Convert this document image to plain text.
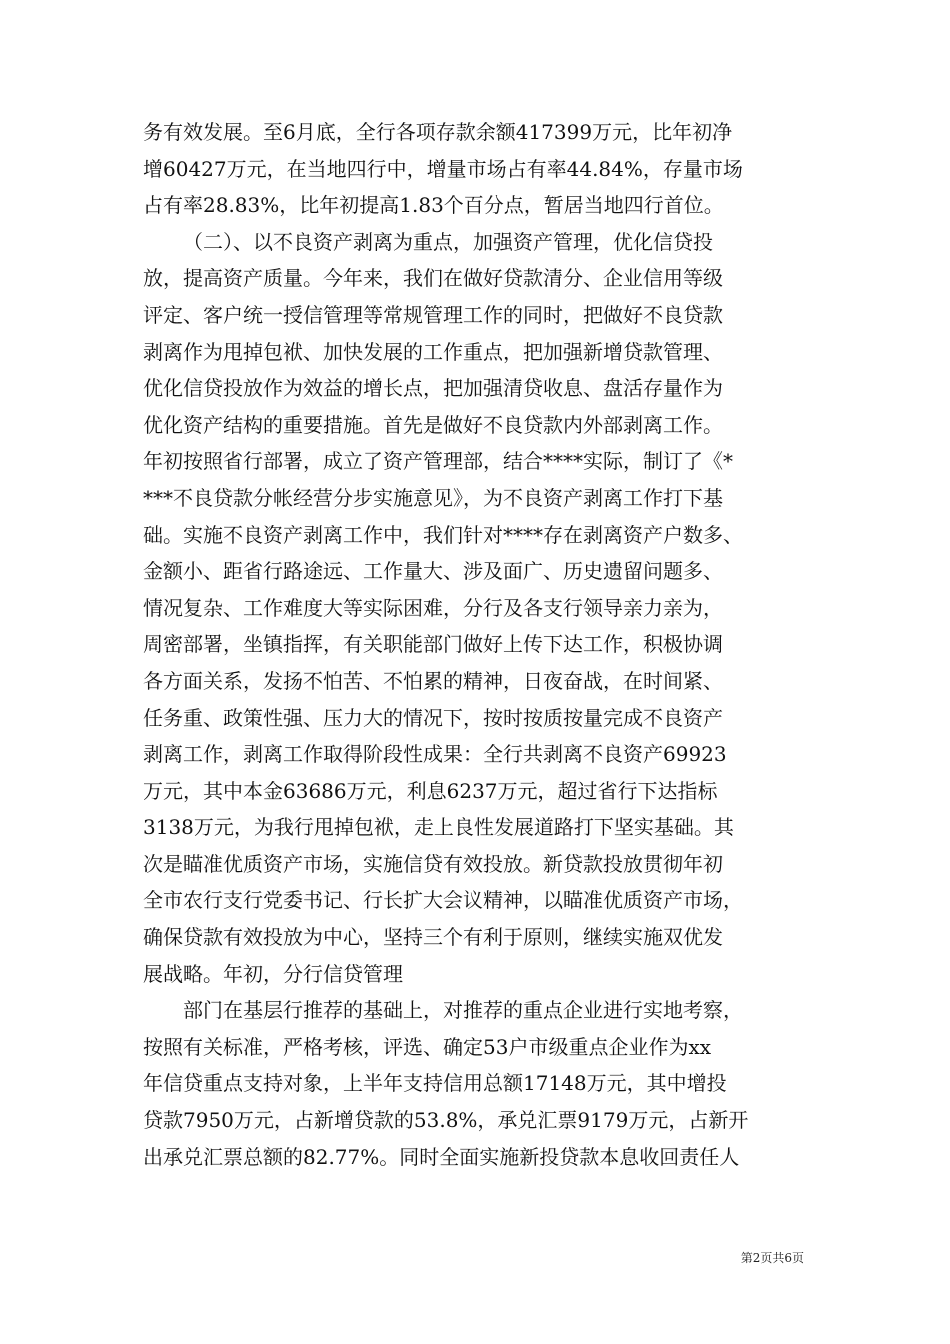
务有效发展。至6月底，全行各项存款余额417399万元，比年初净
增60427万元，在当地四行中，增量市场占有率44.84%，存量市场
占有率28.83%，比年初提高1.83个百分点，暂居当地四行首位。
（二）、以不良资产剥离为重点，加强资产管理，优化信贷投
放，提高资产质量。今年来，我们在做好贷款清分、企业信用等级
评定、客户统一授信管理等常规管理工作的同时，把做好不良贷款
剥离作为甩掉包袱、加快发展的工作重点，把加强新增贷款管理、
优化信贷投放作为效益的增长点，把加强清贷收息、盘活存量作为
优化资产结构的重要措施。首先是做好不良贷款内外部剥离工作。
年初按照省行部署，成立了资产管理部，结合****实际，制订了《*
***不良贷款分帐经营分步实施意见》，为不良资产剥离工作打下基
础。实施不良资产剥离工作中，我们针对****存在剥离资产户数多、
金额小、距省行路途远、工作量大、涉及面广、历史遗留问题多、
情况复杂、工作难度大等实际困难，分行及各支行领导亲力亲为，
周密部署，坐镇指挥，有关职能部门做好上传下达工作，积极协调
各方面关系，发扬不怕苦、不怕累的精神，日夜奋战，在时间紧、
任务重、政策性强、压力大的情况下，按时按质按量完成不良资产
剥离工作，剥离工作取得阶段性成果：全行共剥离不良资产69923
万元，其中本金63686万元，利息6237万元，超过省行下达指标
3138万元，为我行甩掉包袱，走上良性发展道路打下坚实基础。其
次是瞄准优质资产市场，实施信贷有效投放。新贷款投放贯彻年初
全市农行支行党委书记、行长扩大会议精神，以瞄准优质资产市场，
确保贷款有效投放为中心，坚持三个有利于原则，继续实施双优发
展战略。年初，分行信贷管理
部门在基层行推荐的基础上，对推荐的重点企业进行实地考察，
按照有关标准，严格考核，评选、确定53户市级重点企业作为xx
年信贷重点支持对象，上半年支持信用总额17148万元，其中增投
贷款7950万元，占新增贷款的53.8%，承兑汇票9179万元，占新开
出承兑汇票总额的82.77%。同时全面实施新投贷款本息收回责任人
第2页共6页
